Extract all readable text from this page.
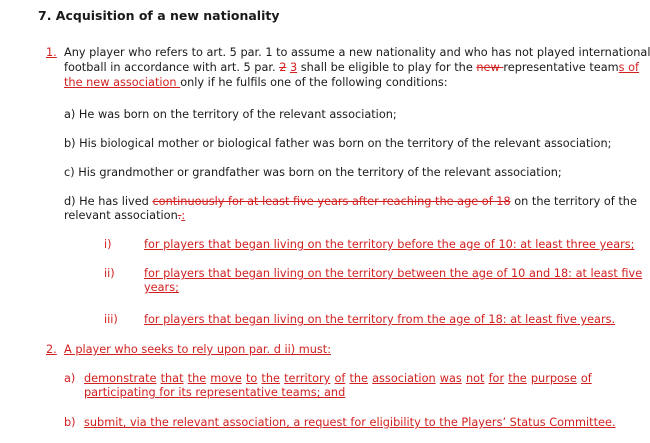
7. Acquisition of a new nationality
1. Any player who refers to art. 5 par. 1 to assume a new nationality and who has not played international
football in accordance with art. 5 par. 2 3 shall be eligible to play for the new representative teams of
the new association only if he fulfils one of the following conditions:
a) He was born on the territory of the relevant association;
b) His biological mother or biological father was born on the territory of the relevant association;
c) His grandmother or grandfather was born on the territory of the relevant association;
d) He has lived continuously for at least five years after reaching the age of 18 on the territory of the
relevant association.:
i)	for players that began living on the territory before the age of 10: at least three years;
ii)	for players that began living on the territory between the age of 10 and 18: at least five
years;
iii) for players that began living on the territory from the age of 18: at least five years.
2. A player who seeks to rely upon par. d ii) must:
a) demonstrate that the move to the territory of the association was not for the purpose of
participating for its representative teams; and
b) submit, via the relevant association, a request for eligibility to the Players’ Status Committee.
